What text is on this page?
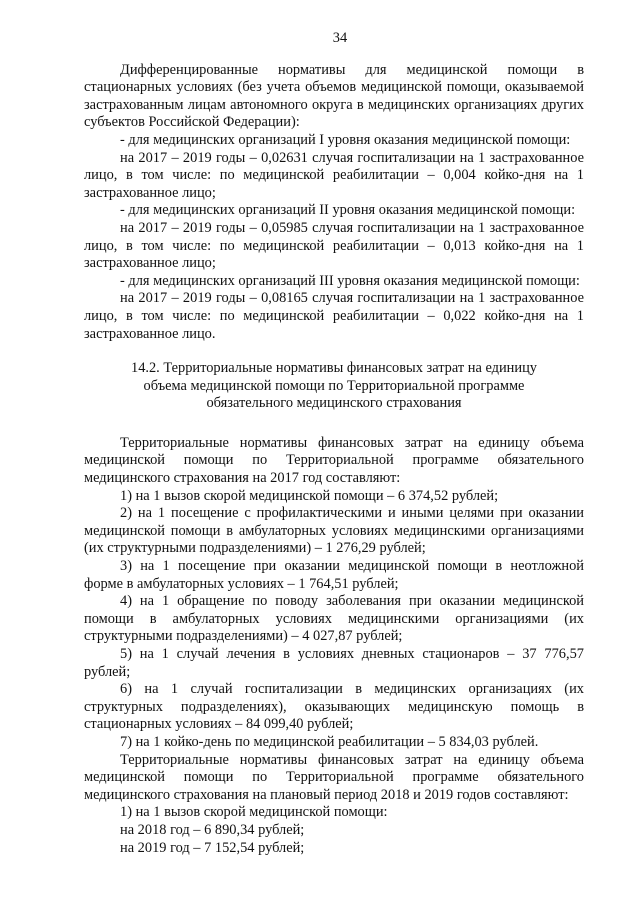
34

Дифференцированные нормативы для медицинской помощи в стационарных условиях (без учета объемов медицинской помощи, оказываемой застрахованным лицам автономного округа в медицинских организациях других субъектов Российской Федерации):

- для медицинских организаций I уровня оказания медицинской помощи:

на 2017 – 2019 годы – 0,02631 случая госпитализации на 1 застрахованное лицо, в том числе: по медицинской реабилитации – 0,004 койко-дня на 1 застрахованное лицо;

- для медицинских организаций II уровня оказания медицинской помощи:

на 2017 – 2019 годы – 0,05985 случая госпитализации на 1 застрахованное лицо, в том числе: по медицинской реабилитации – 0,013 койко-дня на 1 застрахованное лицо;

- для медицинских организаций III уровня оказания медицинской помощи:

на 2017 – 2019 годы – 0,08165 случая госпитализации на 1 застрахованное лицо, в том числе: по медицинской реабилитации – 0,022 койко-дня на 1 застрахованное лицо.

14.2. Территориальные нормативы финансовых затрат на единицу
объема медицинской помощи по Территориальной программе
обязательного медицинского страхования

Территориальные нормативы финансовых затрат на единицу объема медицинской помощи по Территориальной программе обязательного медицинского страхования на 2017 год составляют:

1) на 1 вызов скорой медицинской помощи – 6 374,52 рублей;

2) на 1 посещение с профилактическими и иными целями при оказании медицинской помощи в амбулаторных условиях медицинскими организациями (их структурными подразделениями) – 1 276,29 рублей;

3) на 1 посещение при оказании медицинской помощи в неотложной форме в амбулаторных условиях – 1 764,51 рублей;

4) на 1 обращение по поводу заболевания при оказании медицинской помощи в амбулаторных условиях медицинскими организациями (их структурными подразделениями) – 4 027,87 рублей;

5) на 1 случай лечения в условиях дневных стационаров – 37 776,57 рублей;

6) на 1 случай госпитализации в медицинских организациях (их структурных подразделениях), оказывающих медицинскую помощь в стационарных условиях – 84 099,40 рублей;

7) на 1 койко-день по медицинской реабилитации – 5 834,03 рублей.

Территориальные нормативы финансовых затрат на единицу объема медицинской помощи по Территориальной программе обязательного медицинского страхования на плановый период 2018 и 2019 годов составляют:

1) на 1 вызов скорой медицинской помощи:

на 2018 год – 6 890,34 рублей;

на 2019 год – 7 152,54 рублей;
